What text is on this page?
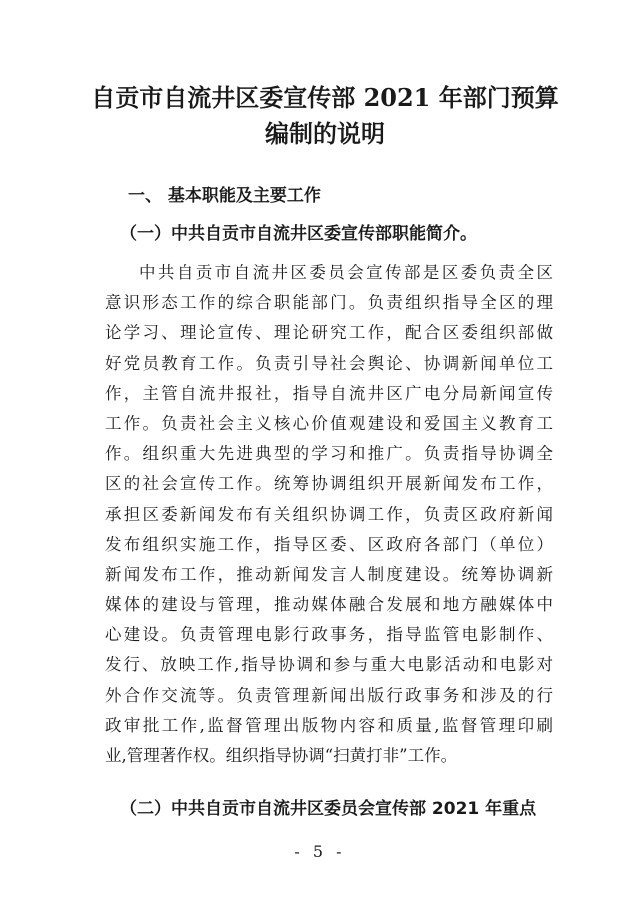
自贡市自流井区委宣传部 2021 年部门预算
编制的说明
一、 基本职能及主要工作
（一）中共自贡市自流井区委宣传部职能简介。
中共自贡市自流井区委员会宣传部是区委负责全区
意识形态工作的综合职能部门。负责组织指导全区的理
论学习、理论宣传、理论研究工作，配合区委组织部做
好党员教育工作。负责引导社会舆论、协调新闻单位工
作，主管自流井报社，指导自流井区广电分局新闻宣传
工作。负责社会主义核心价值观建设和爱国主义教育工
作。组织重大先进典型的学习和推广。负责指导协调全
区的社会宣传工作。统筹协调组织开展新闻发布工作，
承担区委新闻发布有关组织协调工作，负责区政府新闻
发布组织实施工作，指导区委、区政府各部门（单位）
新闻发布工作，推动新闻发言人制度建设。统筹协调新
媒体的建设与管理，推动媒体融合发展和地方融媒体中
心建设。负责管理电影行政事务，指导监管电影制作、
发行、放映工作,指导协调和参与重大电影活动和电影对
外合作交流等。负责管理新闻出版行政事务和涉及的行
政审批工作,监督管理出版物内容和质量,监督管理印刷
业,管理著作权。组织指导协调“扫黄打非”工作。
（二）中共自贡市自流井区委员会宣传部 2021 年重点
- 5 -
